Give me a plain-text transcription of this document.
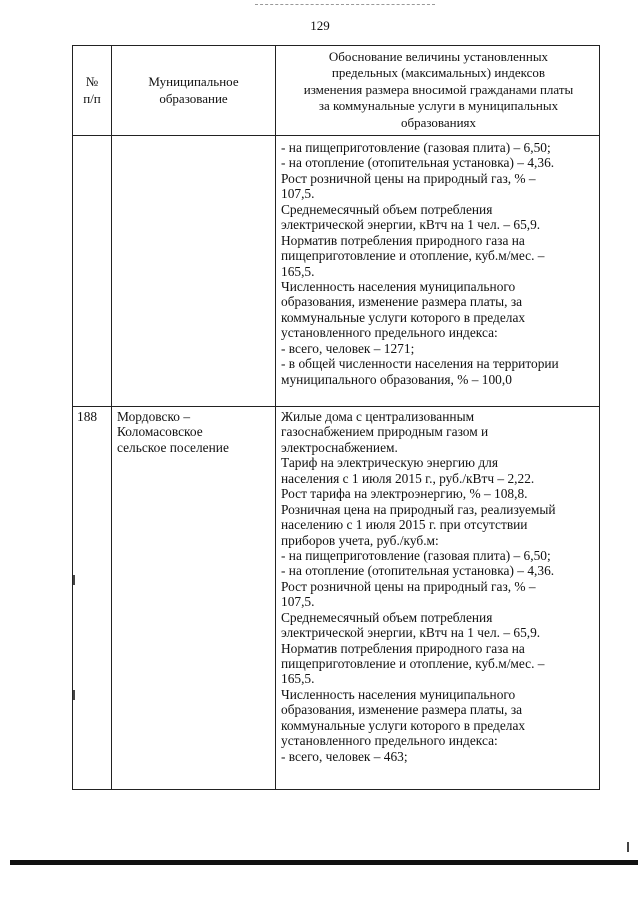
129
№
п/п
Муниципальное
образование
Обоснование величины установленных
предельных (максимальных) индексов
изменения размера вносимой гражданами платы
за коммунальные услуги в муниципальных
образованиях
- на пищеприготовление (газовая плита) – 6,50;
- на отопление (отопительная установка) – 4,36.
Рост розничной цены на природный газ, % –
107,5.
Среднемесячный объем потребления
электрической энергии, кВтч на 1 чел. – 65,9.
Норматив потребления природного газа на
пищеприготовление и отопление, куб.м/мес. –
165,5.
Численность населения муниципального
образования, изменение размера платы, за
коммунальные услуги которого в пределах
установленного предельного индекса:
- всего, человек – 1271;
- в общей численности населения на территории
муниципального образования, % – 100,0
188 Мордовско –
Коломасовское
сельское поселение
Жилые дома с централизованным
газоснабжением природным газом и
электроснабжением.
Тариф на электрическую энергию для
населения с 1 июля 2015 г., руб./кВтч – 2,22.
Рост тарифа на электроэнергию, % – 108,8.
Розничная цена на природный газ, реализуемый
населению с 1 июля 2015 г. при отсутствии
приборов учета, руб./куб.м:
- на пищеприготовление (газовая плита) – 6,50;
- на отопление (отопительная установка) – 4,36.
Рост розничной цены на природный газ, % –
107,5.
Среднемесячный объем потребления
электрической энергии, кВтч на 1 чел. – 65,9.
Норматив потребления природного газа на
пищеприготовление и отопление, куб.м/мес. –
165,5.
Численность населения муниципального
образования, изменение размера платы, за
коммунальные услуги которого в пределах
установленного предельного индекса:
- всего, человек – 463;
